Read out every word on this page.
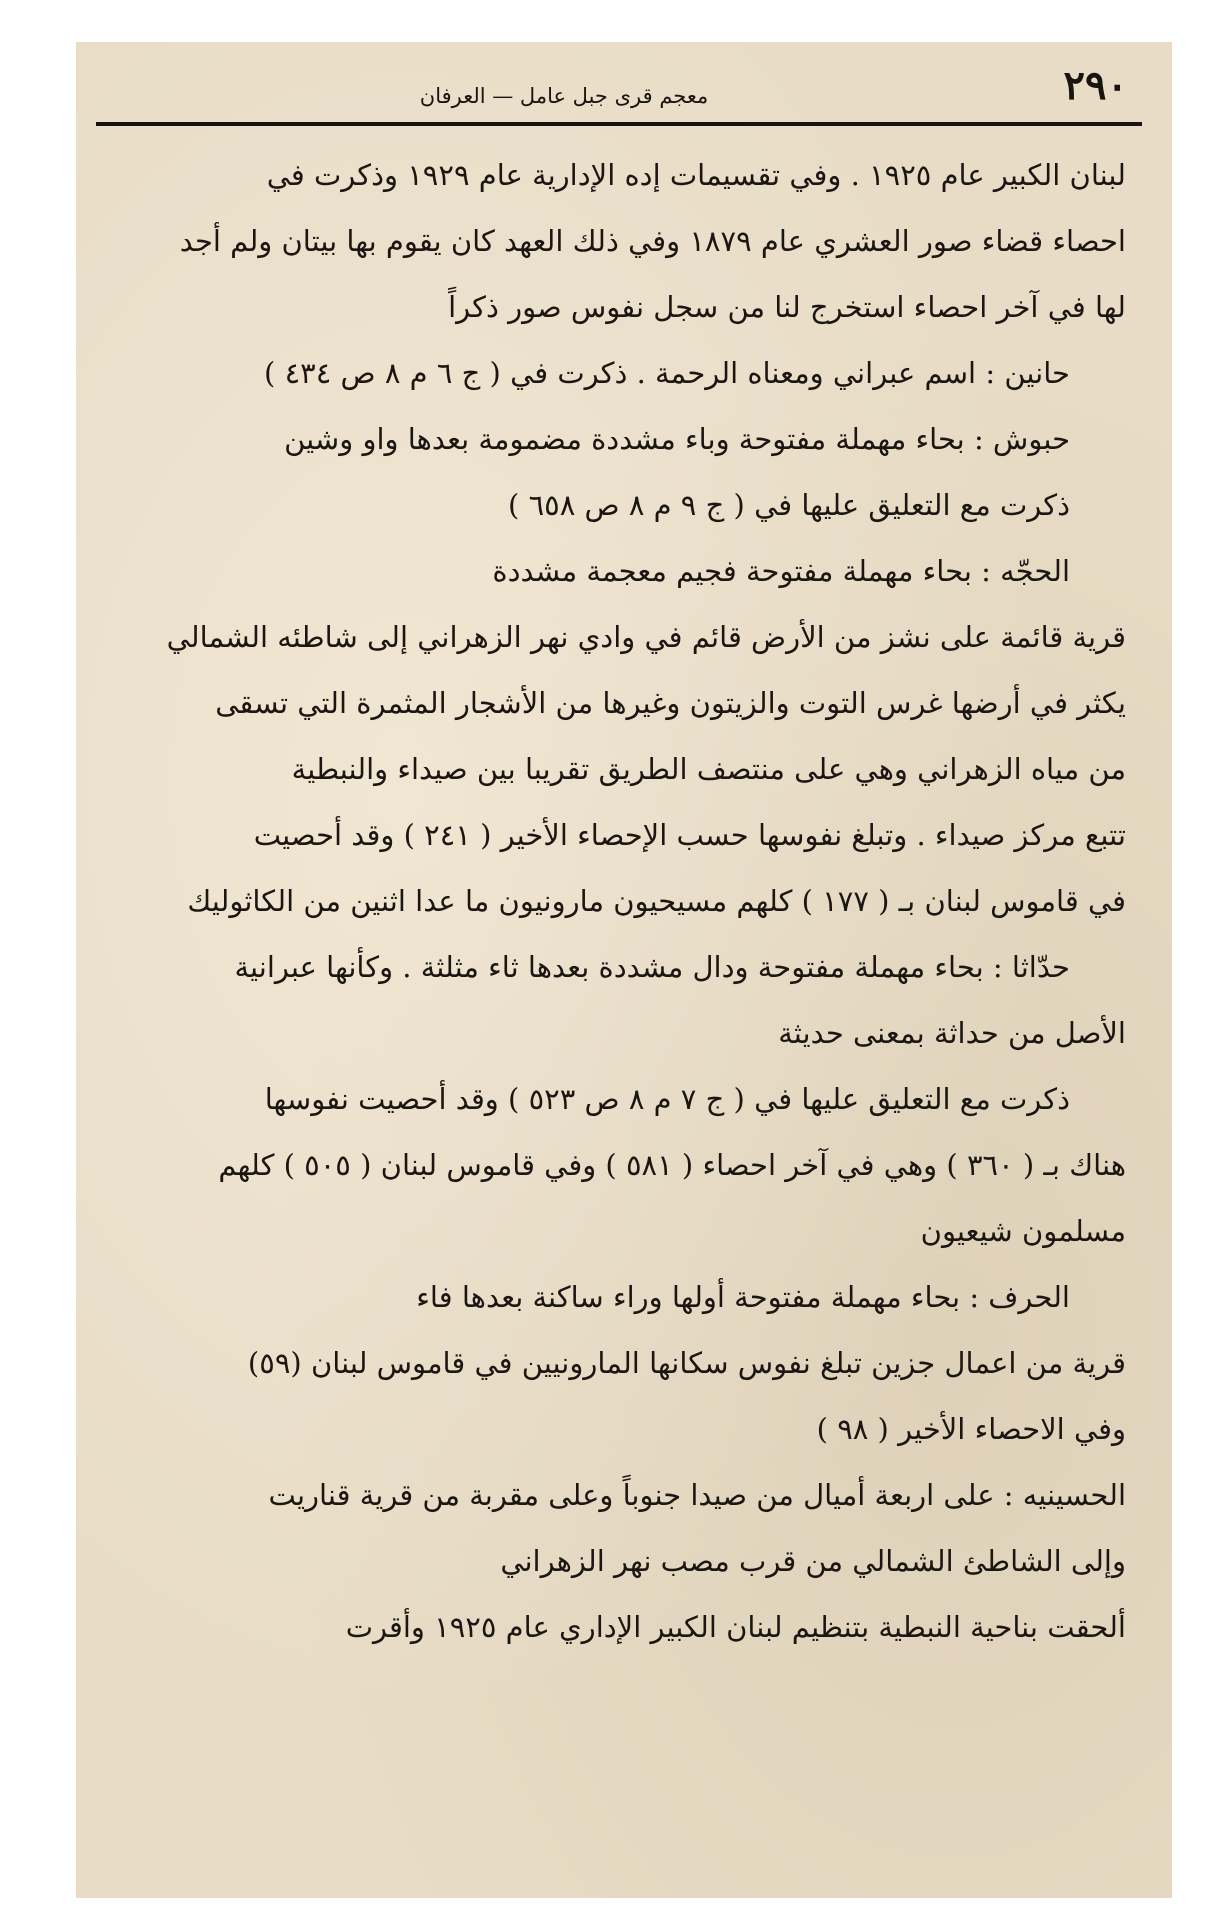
٢٩٠
معجم قرى جبل عامل — العرفان
لبنان الكبير عام ١٩٢٥ . وفي تقسيمات إده الإدارية عام ١٩٢٩ وذكرت في
احصاء قضاء صور العشري عام ١٨٧٩ وفي ذلك العهد كان يقوم بها بيتان ولم أجد
لها في آخر احصاء استخرج لنا من سجل نفوس صور ذكراً
حانين : اسم عبراني ومعناه الرحمة . ذكرت في ( ج ٦ م ٨ ص ٤٣٤ )
حبوش : بحاء مهملة مفتوحة وباء مشددة مضمومة بعدها واو وشين
ذكرت مع التعليق عليها في ( ج ٩ م ٨ ص ٦٥٨ )
الحجّه : بحاء مهملة مفتوحة فجيم معجمة مشددة
قرية قائمة على نشز من الأرض قائم في وادي نهر الزهراني إلى شاطئه الشمالي
يكثر في أرضها غرس التوت والزيتون وغيرها من الأشجار المثمرة التي تسقى
من مياه الزهراني وهي على منتصف الطريق تقريبا بين صيداء والنبطية
تتبع مركز صيداء . وتبلغ نفوسها حسب الإحصاء الأخير ( ٢٤١ ) وقد أحصيت
في قاموس لبنان بـ ( ١٧٧ ) كلهم مسيحيون مارونيون ما عدا اثنين من الكاثوليك
حدّاثا : بحاء مهملة مفتوحة ودال مشددة بعدها ثاء مثلثة . وكأنها عبرانية
الأصل من حداثة بمعنى حديثة
ذكرت مع التعليق عليها في ( ج ٧ م ٨ ص ٥٢٣ ) وقد أحصيت نفوسها
هناك بـ ( ٣٦٠ ) وهي في آخر احصاء ( ٥٨١ ) وفي قاموس لبنان ( ٥٠٥ ) كلهم
مسلمون شيعيون
الحرف : بحاء مهملة مفتوحة أولها وراء ساكنة بعدها فاء
قرية من اعمال جزين تبلغ نفوس سكانها المارونيين في قاموس لبنان (٥٩)
وفي الاحصاء الأخير ( ٩٨ )
الحسينيه : على اربعة أميال من صيدا جنوباً وعلى مقربة من قرية قناريت
وإلى الشاطئ الشمالي من قرب مصب نهر الزهراني
ألحقت بناحية النبطية بتنظيم لبنان الكبير الإداري عام ١٩٢٥ وأقرت
